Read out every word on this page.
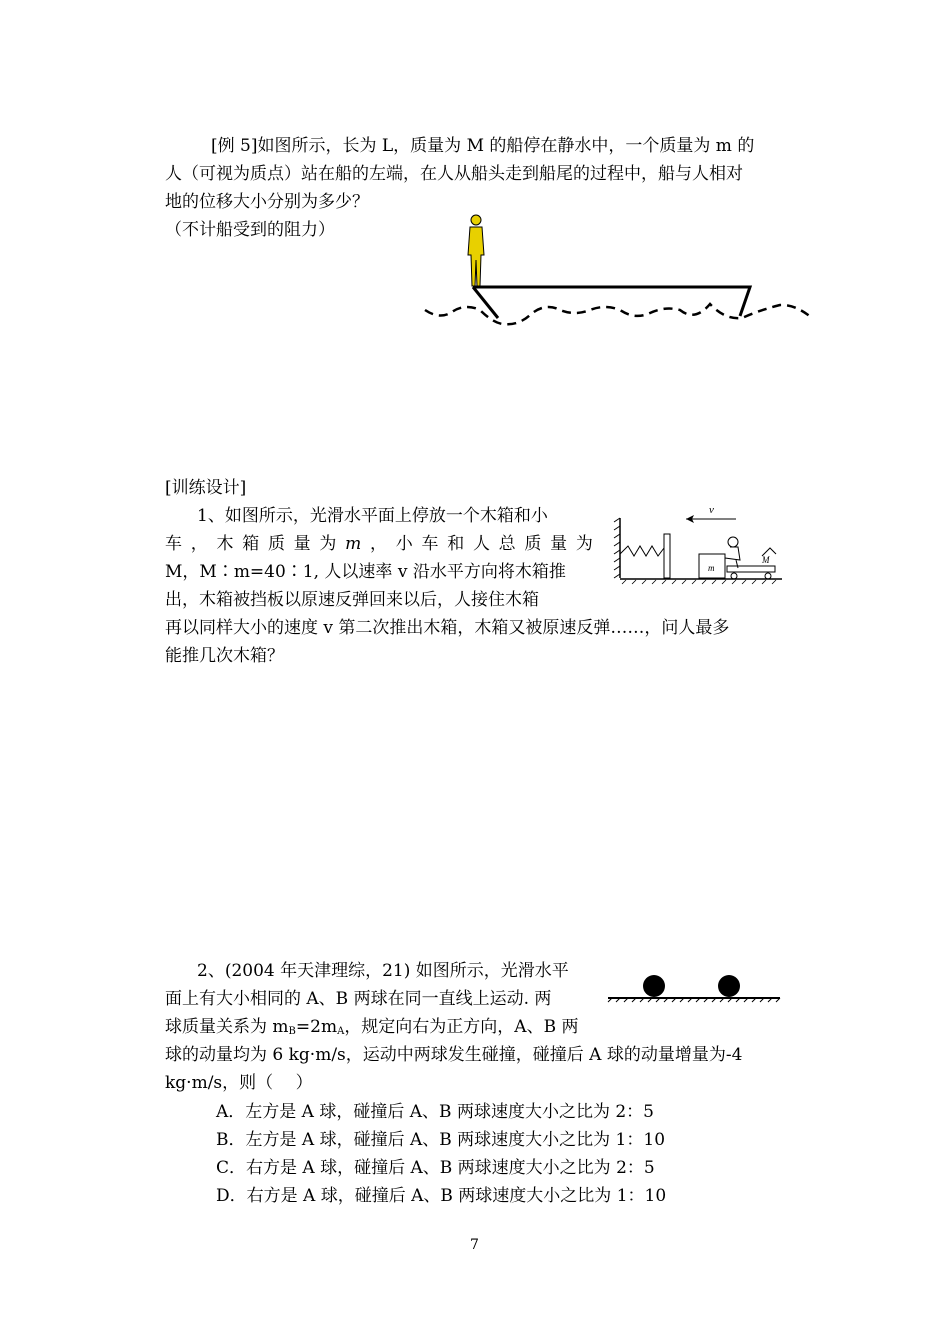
[例 5]如图所示，长为 L，质量为 M 的船停在静水中，一个质量为 m 的
人（可视为质点）站在船的左端，在人从船头走到船尾的过程中，船与人相对
地的位移大小分别为多少？
（不计船受到的阻力）
[训练设计]
1、如图所示，光滑水平面上停放一个木箱和小
车 ， 木 箱 质 量 为 m ， 小 车 和 人 总 质 量 为
M，M∶m=40∶1, 人以速率 v 沿水平方向将木箱推
出，木箱被挡板以原速反弹回来以后，人接住木箱
再以同样大小的速度 v 第二次推出木箱，木箱又被原速反弹……，问人最多
能推几次木箱？
m
M
v
2、(2004 年天津理综，21) 如图所示，光滑水平
面上有大小相同的 A、B 两球在同一直线上运动. 两
球质量关系为 $m_B=2m_A$，规定向右为正方向，A、B 两
球的动量均为 6 kg·m/s，运动中两球发生碰撞，碰撞后 A 球的动量增量为-4
kg·m/s，则（　 ）
A．左方是 A 球，碰撞后 A、B 两球速度大小之比为 2：5
B．左方是 A 球，碰撞后 A、B 两球速度大小之比为 1：10
C．右方是 A 球，碰撞后 A、B 两球速度大小之比为 2：5
D．右方是 A 球，碰撞后 A、B 两球速度大小之比为 1：10
7
